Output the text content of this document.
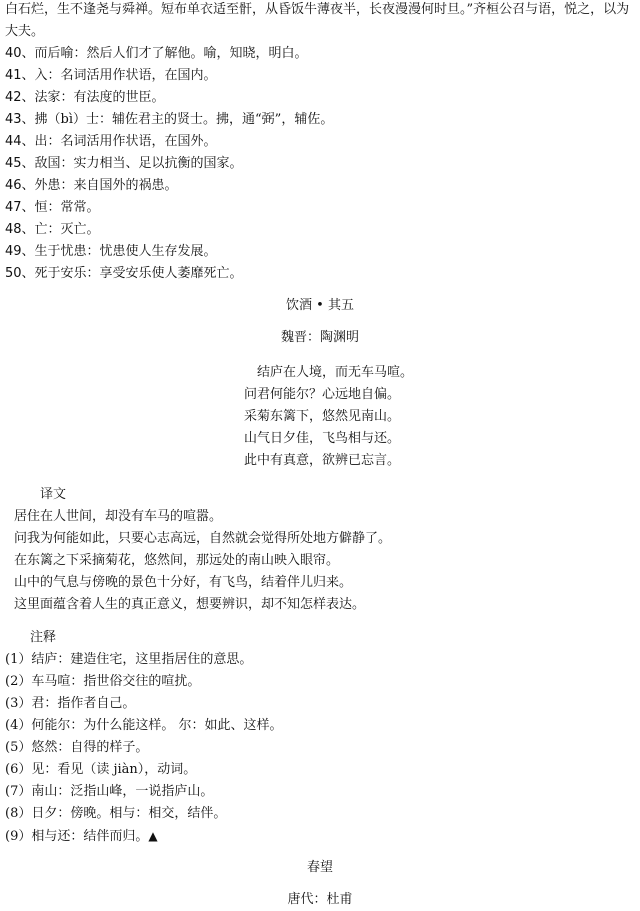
白石烂，生不逢尧与舜禅。短布单衣适至骭，从昏饭牛薄夜半，长夜漫漫何时旦。”齐桓公召与语，悦之，以为
大夫。
40、而后喻：然后人们才了解他。喻，知晓，明白。
41、入：名词活用作状语，在国内。
42、法家：有法度的世臣。
43、拂（bì）士：辅佐君主的贤士。拂，通“弼”，辅佐。
44、出：名词活用作状语，在国外。
45、敌国：实力相当、足以抗衡的国家。
46、外患：来自国外的祸患。
47、恒：常常。
48、亡：灭亡。
49、生于忧患：忧患使人生存发展。
50、死于安乐：享受安乐使人萎靡死亡。
饮酒 • 其五
魏晋：陶渊明
结庐在人境，而无车马喧。
问君何能尔？心远地自偏。
采菊东篱下，悠然见南山。
山气日夕佳，飞鸟相与还。
此中有真意，欲辨已忘言。
译文
居住在人世间，却没有车马的喧嚣。
问我为何能如此，只要心志高远，自然就会觉得所处地方僻静了。
在东篱之下采摘菊花，悠然间，那远处的南山映入眼帘。
山中的气息与傍晚的景色十分好，有飞鸟，结着伴儿归来。
这里面蕴含着人生的真正意义，想要辨识，却不知怎样表达。
注释
(1）结庐：建造住宅，这里指居住的意思。
(2）车马喧：指世俗交往的喧扰。
(3）君：指作者自己。
(4）何能尔：为什么能这样。 尔：如此、这样。
(5）悠然：自得的样子。
(6）见：看见（读 jiàn），动词。
(7）南山：泛指山峰，一说指庐山。
(8）日夕：傍晚。相与：相交，结伴。
(9）相与还：结伴而归。▲
春望
唐代：杜甫
